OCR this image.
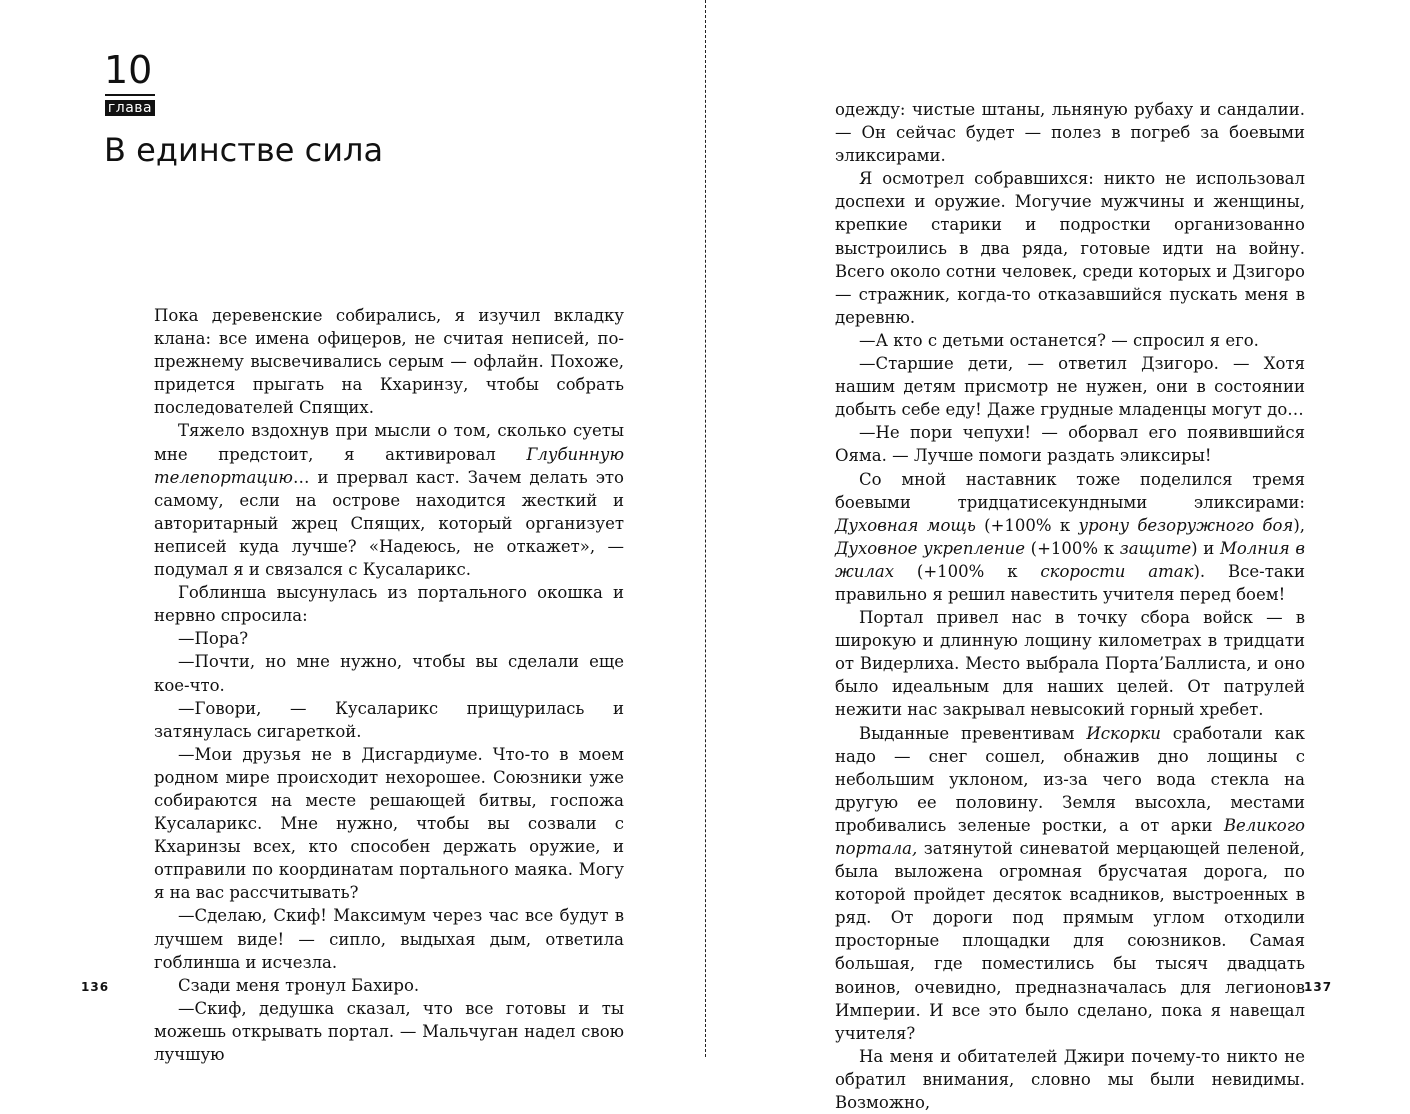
10
глава
В единстве сила

Пока деревенские собирались, я изучил вкладку клана: все имена офицеров, не считая неписей, по-прежнему высвечивались серым — офлайн. Похоже, придется прыгать на Кхаринзу, чтобы собрать последователей Спящих.

Тяжело вздохнув при мысли о том, сколько суеты мне предстоит, я активировал Глубинную телепортацию… и прервал каст. Зачем делать это самому, если на острове находится жесткий и авторитарный жрец Спящих, который организует неписей куда лучше? «Надеюсь, не откажет», — подумал я и связался с Кусаларикс.

Гоблинша высунулась из портального окошка и нервно спросила:

—Пора?

—Почти, но мне нужно, чтобы вы сделали еще кое-что.

—Говори, — Кусаларикс прищурилась и затянулась сигареткой.

—Мои друзья не в Дисгардиуме. Что-то в моем родном мире происходит нехорошее. Союзники уже собираются на месте решающей битвы, госпожа Кусаларикс. Мне нужно, чтобы вы созвали с Кхаринзы всех, кто способен держать оружие, и отправили по координатам портального маяка. Могу я на вас рассчитывать?

—Сделаю, Скиф! Максимум через час все будут в лучшем виде! — сипло, выдыхая дым, ответила гоблинша и исчезла.

Сзади меня тронул Бахиро.

—Скиф, дедушка сказал, что все готовы и ты можешь открывать портал. — Мальчуган надел свою лучшую

одежду: чистые штаны, льняную рубаху и сандалии. — Он сейчас будет — полез в погреб за боевыми эликсирами.

Я осмотрел собравшихся: никто не использовал доспехи и оружие. Могучие мужчины и женщины, крепкие старики и подростки организованно выстроились в два ряда, готовые идти на войну. Всего около сотни человек, среди которых и Дзигоро — стражник, когда-то отказавшийся пускать меня в деревню.

—А кто с детьми останется? — спросил я его.

—Старшие дети, — ответил Дзигоро. — Хотя нашим детям присмотр не нужен, они в состоянии добыть себе еду! Даже грудные младенцы могут до…

—Не пори чепухи! — оборвал его появившийся Ояма. — Лучше помоги раздать эликсиры!

Со мной наставник тоже поделился тремя боевыми тридцатисекундными эликсирами: Духовная мощь (+100% к урону безоружного боя), Духовное укрепление (+100% к защите) и Молния в жилах (+100% к скорости атак). Все-таки правильно я решил навестить учителя перед боем!

Портал привел нас в точку сбора войск — в широкую и длинную лощину километрах в тридцати от Видерлиха. Место выбрала Порта’Баллиста, и оно было идеальным для наших целей. От патрулей нежити нас закрывал невысокий горный хребет.

Выданные превентивам Искорки сработали как надо — снег сошел, обнажив дно лощины с небольшим уклоном, из-за чего вода стекла на другую ее половину. Земля высохла, местами пробивались зеленые ростки, а от арки Великого портала, затянутой синеватой мерцающей пеленой, была выложена огромная брусчатая дорога, по которой пройдет десяток всадников, выстроенных в ряд. От дороги под прямым углом отходили просторные площадки для союзников. Самая большая, где поместились бы тысяч двадцать воинов, очевидно, предназначалась для легионов Империи. И все это было сделано, пока я навещал учителя?

На меня и обитателей Джири почему-то никто не обратил внимания, словно мы были невидимы. Возможно,

136	137
